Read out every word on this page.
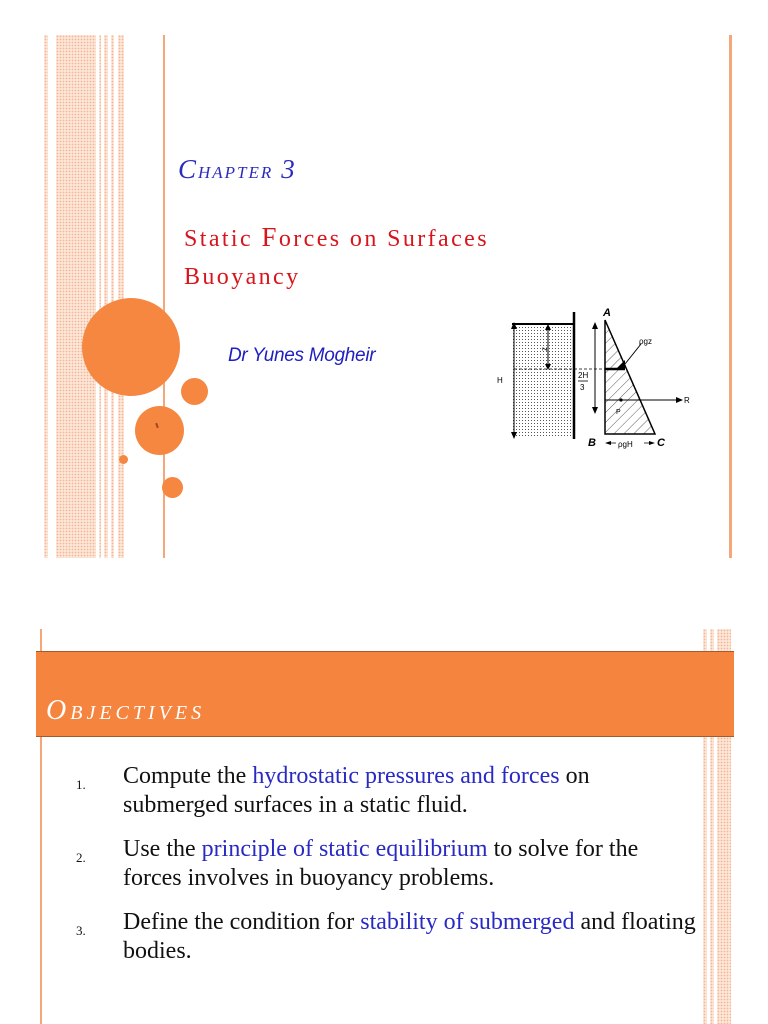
Chapter 3
Static Forces on Surfaces
Buoyancy

Dr Yunes Mogheir

H
z
2H
3
ρgz
R
P
ρgH
A
B	C
Objectives
1. Compute the hydrostatic pressures and forces on submerged surfaces in a static fluid.
2. Use the principle of static equilibrium to solve for the forces involves in buoyancy problems.
3. Define the condition for stability of submerged and floating bodies.
